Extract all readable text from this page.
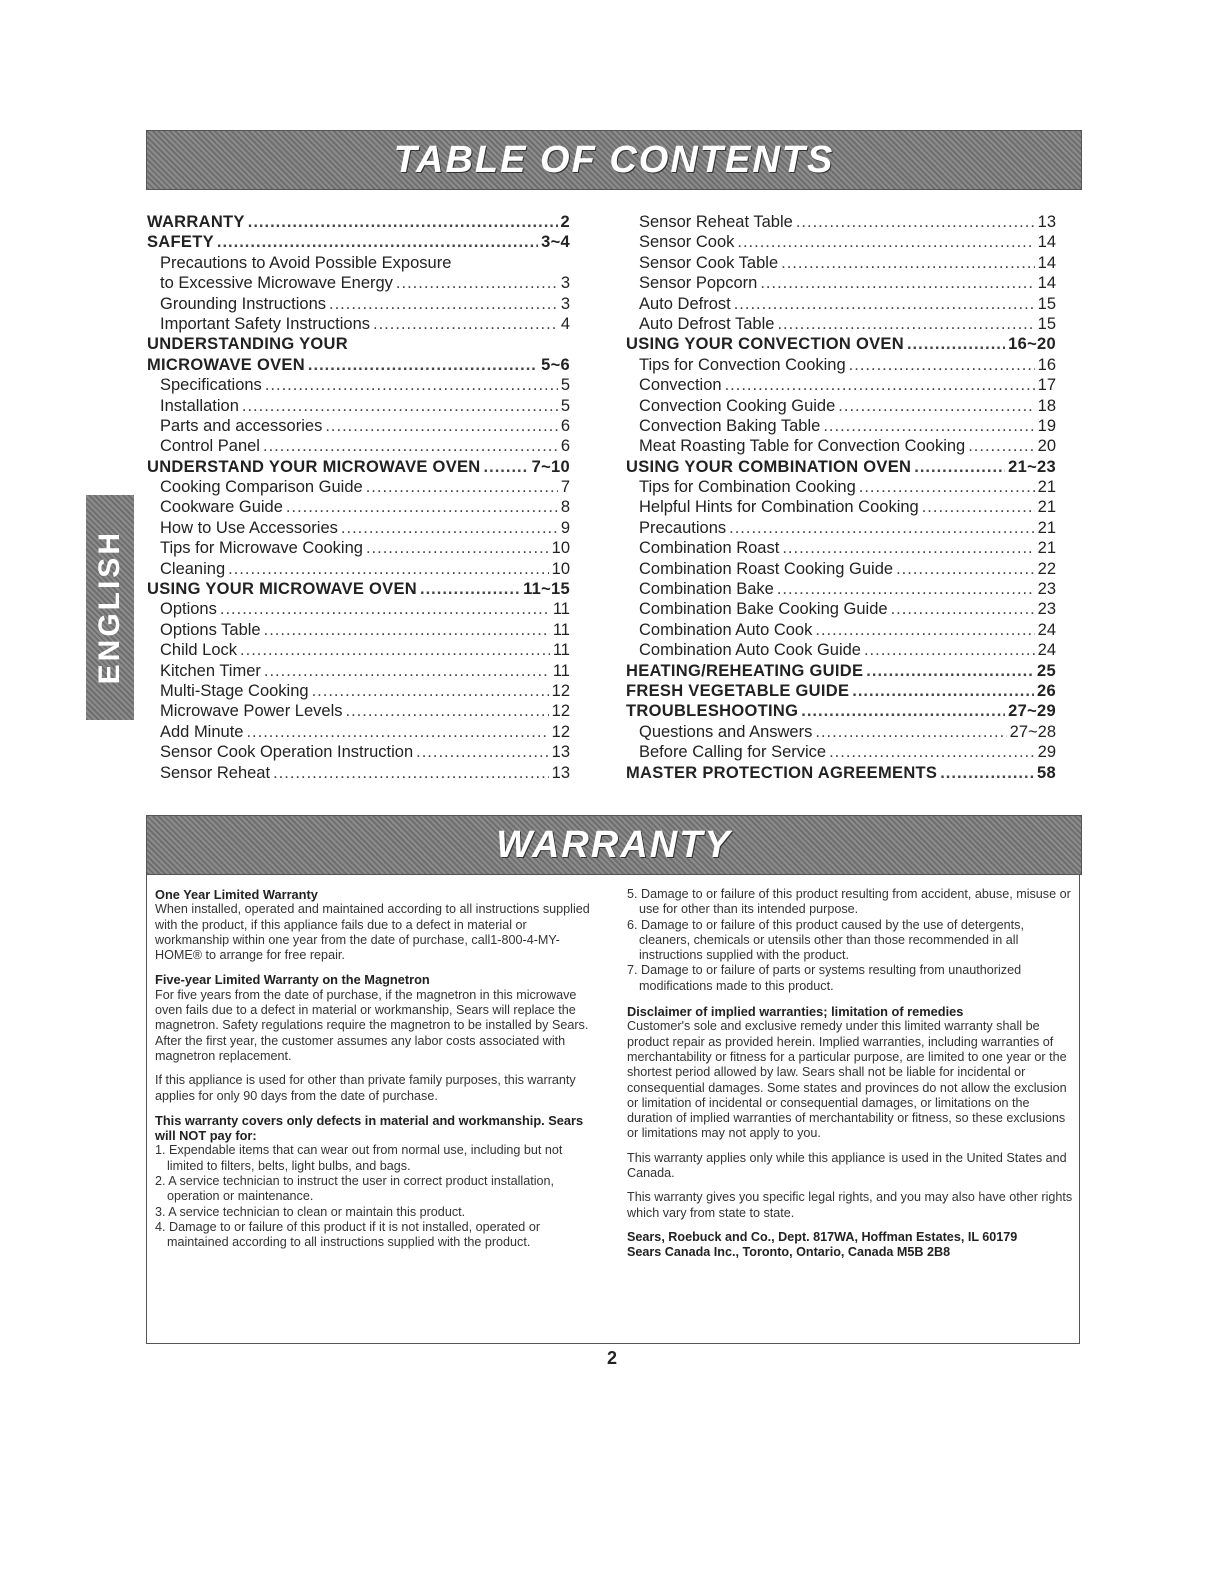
TABLE OF CONTENTS
ENGLISH
WARRANTY .....	2
SAFETY .....	3~4
Precautions to Avoid Possible Exposure
to Excessive Microwave Energy .....	3
Grounding Instructions .....	3
Important Safety Instructions .....	4
UNDERSTANDING YOUR
MICROWAVE OVEN .....	5~6
Specifications .....	5
Installation .....	5
Parts and accessories .....	6
Control Panel .....	6
UNDERSTAND YOUR MICROWAVE OVEN .....	7~10
Cooking Comparison Guide .....	7
Cookware Guide .....	8
How to Use Accessories .....	9
Tips for Microwave Cooking .....	10
Cleaning .....	10
USING YOUR MICROWAVE OVEN .....	11~15
Options .....	11
Options Table .....	11
Child Lock .....	11
Kitchen Timer .....	11
Multi-Stage Cooking .....	12
Microwave Power Levels .....	12
Add Minute .....	12
Sensor Cook Operation Instruction .....	13
Sensor Reheat .....	13
Sensor Reheat Table .....	13
Sensor Cook .....	14
Sensor Cook Table .....	14
Sensor Popcorn .....	14
Auto Defrost .....	15
Auto Defrost Table .....	15
USING YOUR CONVECTION OVEN .....	16~20
Tips for Convection Cooking .....	16
Convection .....	17
Convection Cooking Guide .....	18
Convection Baking Table .....	19
Meat Roasting Table for Convection Cooking .....	20
USING YOUR COMBINATION OVEN .....	21~23
Tips for Combination Cooking .....	21
Helpful Hints for Combination Cooking .....	21
Precautions .....	21
Combination Roast .....	21
Combination Roast Cooking Guide .....	22
Combination Bake .....	23
Combination Bake Cooking Guide .....	23
Combination Auto Cook .....	24
Combination Auto Cook Guide .....	24
HEATING/REHEATING GUIDE .....	25
FRESH VEGETABLE GUIDE .....	26
TROUBLESHOOTING .....	27~29
Questions and Answers .....	27~28
Before Calling for Service .....	29
MASTER PROTECTION AGREEMENTS .....	58
WARRANTY
One Year Limited Warranty

When installed, operated and maintained according to all instructions supplied with the product, if this appliance fails due to a defect in material or workmanship within one year from the date of purchase, call1-800-4-MY-HOME® to arrange for free repair.

Five-year Limited Warranty on the Magnetron

For five years from the date of purchase, if the magnetron in this microwave oven fails due to a defect in material or workmanship, Sears will replace the magnetron. Safety regulations require the magnetron to be installed by Sears. After the first year, the customer assumes any labor costs associated with magnetron replacement.

If this appliance is used for other than private family purposes, this warranty applies for only 90 days from the date of purchase.

This warranty covers only defects in material and workmanship. Sears will NOT pay for:

1. Expendable items that can wear out from normal use, including but not limited to filters, belts, light bulbs, and bags.

2. A service technician to instruct the user in correct product installation, operation or maintenance.

3. A service technician to clean or maintain this product.

4. Damage to or failure of this product if it is not installed, operated or maintained according to all instructions supplied with the product.

5. Damage to or failure of this product resulting from accident, abuse, misuse or use for other than its intended purpose.

6. Damage to or failure of this product caused by the use of detergents, cleaners, chemicals or utensils other than those recommended in all instructions supplied with the product.

7. Damage to or failure of parts or systems resulting from unauthorized modifications made to this product.

Disclaimer of implied warranties; limitation of remedies

Customer's sole and exclusive remedy under this limited warranty shall be product repair as provided herein. Implied warranties, including warranties of merchantability or fitness for a particular purpose, are limited to one year or the shortest period allowed by law. Sears shall not be liable for incidental or consequential damages. Some states and provinces do not allow the exclusion or limitation of incidental or consequential damages, or limitations on the duration of implied warranties of merchantability or fitness, so these exclusions or limitations may not apply to you.

This warranty applies only while this appliance is used in the United States and Canada.

This warranty gives you specific legal rights, and you may also have other rights which vary from state to state.

Sears, Roebuck and Co., Dept. 817WA, Hoffman Estates, IL 60179

Sears Canada Inc., Toronto, Ontario, Canada M5B 2B8

2
